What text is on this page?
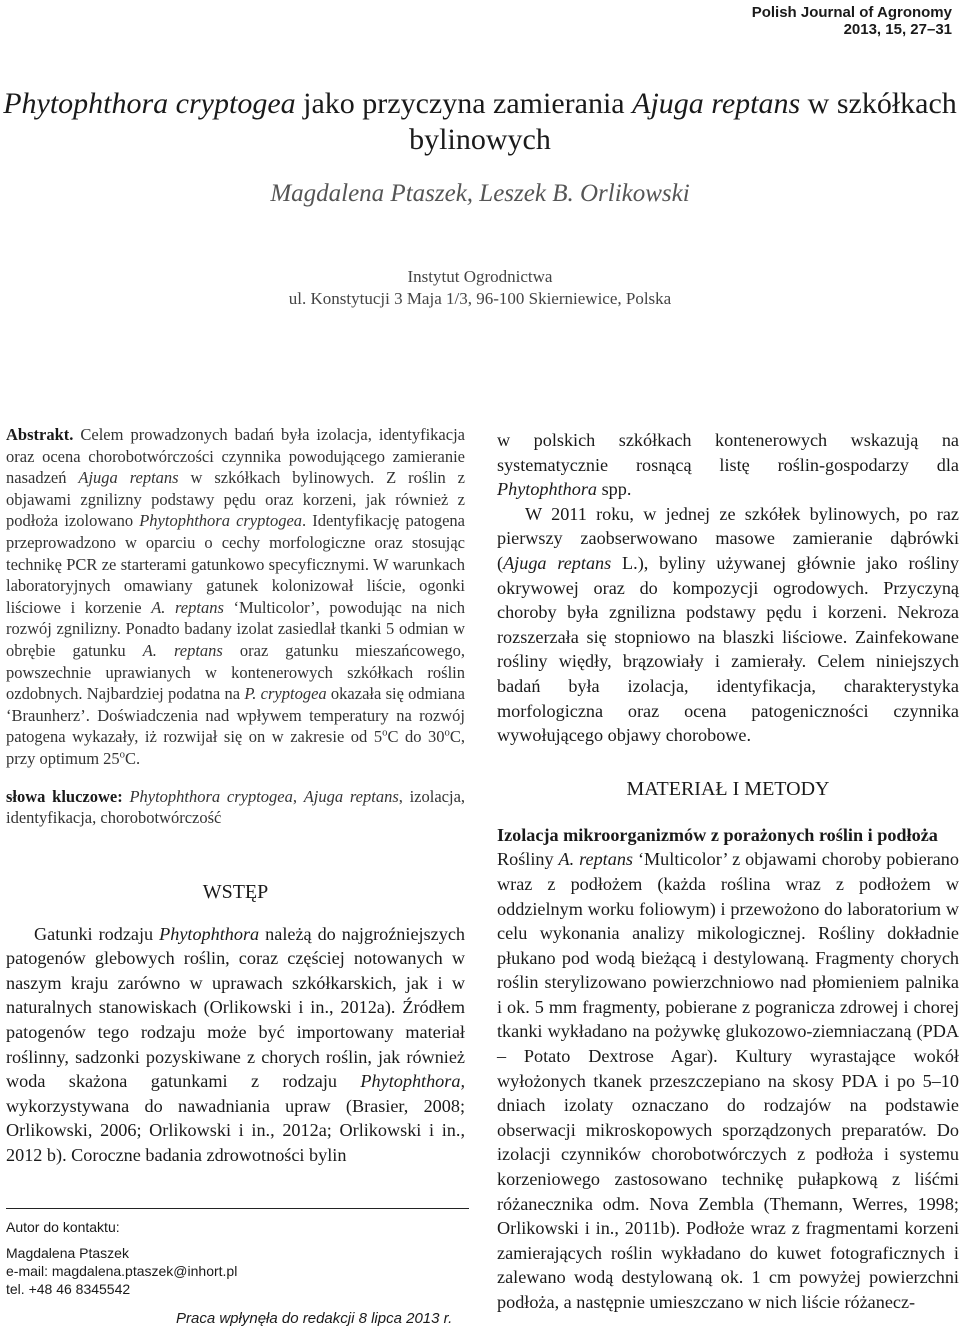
Polish Journal of Agronomy
2013, 15, 27–31
Phytophthora cryptogea jako przyczyna zamierania Ajuga reptans w szkółkach bylinowych
Magdalena Ptaszek, Leszek B. Orlikowski
Instytut Ogrodnictwa
ul. Konstytucji 3 Maja 1/3, 96-100 Skierniewice, Polska
Abstrakt. Celem prowadzonych badań była izolacja, identyfikacja oraz ocena chorobotwórczości czynnika powodującego zamieranie nasadzeń Ajuga reptans w szkółkach bylinowych. Z roślin z objawami zgnilizny podstawy pędu oraz korzeni, jak również z podłoża izolowano Phytophthora cryptogea. Identyfikację patogena przeprowadzono w oparciu o cechy morfologiczne oraz stosując technikę PCR ze starterami gatunkowo specyficznymi. W warunkach laboratoryjnych omawiany gatunek kolonizował liście, ogonki liściowe i korzenie A. reptans ‘Multicolor’, powodując na nich rozwój zgnilizny. Ponadto badany izolat zasiedlał tkanki 5 odmian w obrębie gatunku A. reptans oraz gatunku mieszańcowego, powszechnie uprawianych w kontenerowych szkółkach roślin ozdobnych. Najbardziej podatna na P. cryptogea okazała się odmiana ‘Braunherz’. Doświadczenia nad wpływem temperatury na rozwój patogena wykazały, iż rozwijał się on w zakresie od 5$^o$C do 30$^o$C, przy optimum 25$^o$C.
słowa kluczowe: Phytophthora cryptogea, Ajuga reptans, izolacja, identyfikacja, chorobotwórczość
WSTĘP
Gatunki rodzaju Phytophthora należą do najgroźniejszych patogenów glebowych roślin, coraz częściej notowanych w naszym kraju zarówno w uprawach szkółkarskich, jak i w naturalnych stanowiskach (Orlikowski i in., 2012a). Źródłem patogenów tego rodzaju może być importowany materiał roślinny, sadzonki pozyskiwane z chorych roślin, jak również woda skażona gatunkami z rodzaju Phytophthora, wykorzystywana do nawadniania upraw (Brasier, 2008; Orlikowski, 2006; Orlikowski i in., 2012a; Orlikowski i in., 2012 b). Coroczne badania zdrowotności bylin
Autor do kontaktu:
Magdalena Ptaszek
e-mail: magdalena.ptaszek@inhort.pl
tel. +48 46 8345542
Praca wpłynęła do redakcji 8 lipca 2013 r.
w polskich szkółkach kontenerowych wskazują na systematycznie rosnącą listę roślin-gospodarzy dla Phytophthora spp.
W 2011 roku, w jednej ze szkółek bylinowych, po raz pierwszy zaobserwowano masowe zamieranie dąbrówki (Ajuga reptans L.), byliny używanej głównie jako rośliny okrywowej oraz do kompozycji ogrodowych. Przyczyną choroby była zgnilizna podstawy pędu i korzeni. Nekroza rozszerzała się stopniowo na blaszki liściowe. Zainfekowane rośliny więdły, brązowiały i zamierały. Celem niniejszych badań była izolacja, identyfikacja, charakterystyka morfologiczna oraz ocena patogeniczności czynnika wywołującego objawy chorobowe.
MATERIAŁ I METODY
Izolacja mikroorganizmów z porażonych roślin i podłoża
Rośliny A. reptans ‘Multicolor’ z objawami choroby pobierano wraz z podłożem (każda roślina wraz z podłożem w oddzielnym worku foliowym) i przewożono do laboratorium w celu wykonania analizy mikologicznej. Rośliny dokładnie płukano pod wodą bieżącą i destylowaną. Fragmenty chorych roślin sterylizowano powierzchniowo nad płomieniem palnika i ok. 5 mm fragmenty, pobierane z pogranicza zdrowej i chorej tkanki wykładano na pożywkę glukozowo-ziemniaczaną (PDA – Potato Dextrose Agar). Kultury wyrastające wokół wyłożonych tkanek przeszczepiano na skosy PDA i po 5–10 dniach izolaty oznaczano do rodzajów na podstawie obserwacji mikroskopowych sporządzonych preparatów. Do izolacji czynników chorobotwórczych z podłoża i systemu korzeniowego zastosowano technikę pułapkową z liśćmi różanecznika odm. Nova Zembla (Themann, Werres, 1998; Orlikowski i in., 2011b). Podłoże wraz z fragmentami korzeni zamierających roślin wykładano do kuwet fotograficznych i zalewano wodą destylowaną ok. 1 cm powyżej powierzchni podłoża, a następnie umieszczano w nich liście różanecz-
